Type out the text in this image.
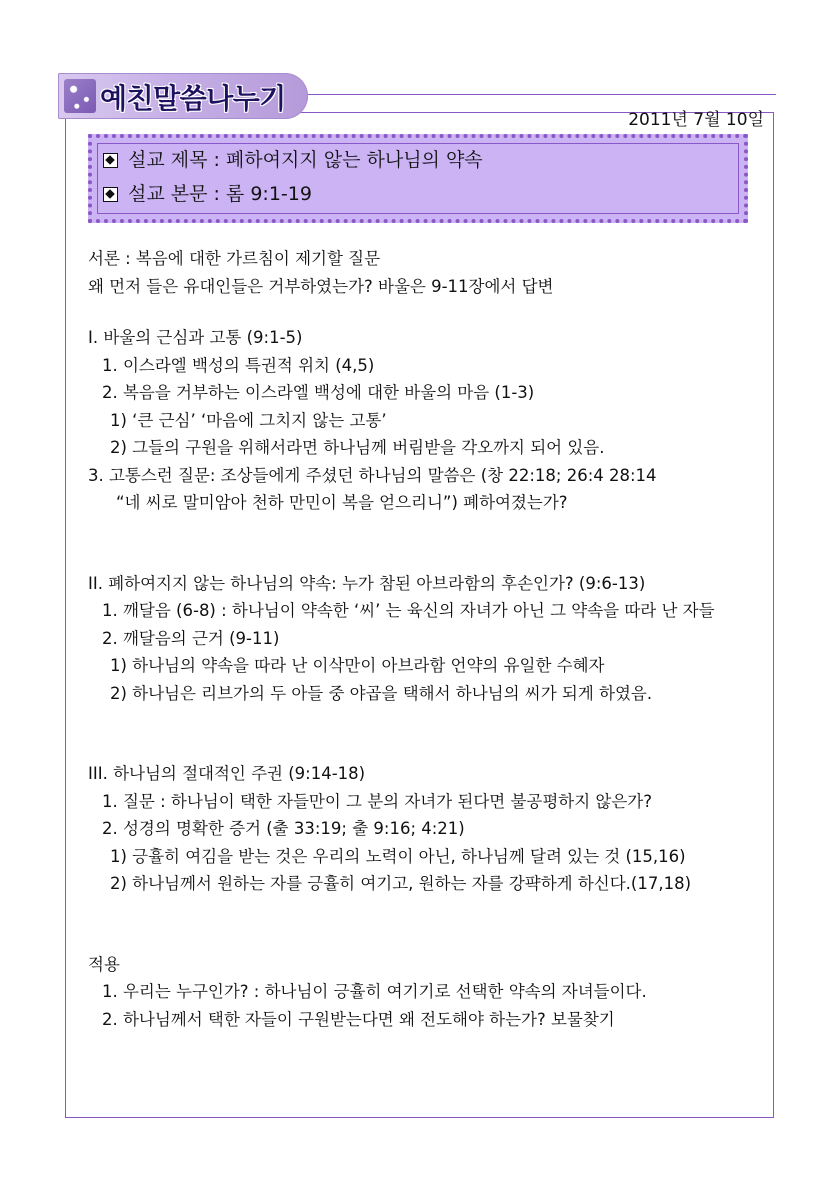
예친말씀나누기
2011년 7월 10일
설교 제목 : 폐하여지지 않는 하나님의 약속
설교 본문 : 롬 9:1-19
서론 : 복음에 대한 가르침이 제기할 질문
왜 먼저 들은 유대인들은 거부하였는가? 바울은 9-11장에서 답변
I. 바울의 근심과 고통 (9:1-5)
1. 이스라엘 백성의 특권적 위치 (4,5)
2. 복음을 거부하는 이스라엘 백성에 대한 바울의 마음 (1-3)
1) ‘큰 근심’ ‘마음에 그치지 않는 고통’
2) 그들의 구원을 위해서라면 하나님께 버림받을 각오까지 되어 있음.
3. 고통스런 질문: 조상들에게 주셨던 하나님의 말씀은 (창 22:18; 26:4 28:14
“네 씨로 말미암아 천하 만민이 복을 얻으리니”) 폐하여졌는가?
II. 폐하여지지 않는 하나님의 약속: 누가 참된 아브라함의 후손인가? (9:6-13)
1. 깨달음 (6-8) : 하나님이 약속한 ‘씨’ 는 육신의 자녀가 아닌 그 약속을 따라 난 자들
2. 깨달음의 근거 (9-11)
1) 하나님의 약속을 따라 난 이삭만이 아브라함 언약의 유일한 수혜자
2) 하나님은 리브가의 두 아들 중 야곱을 택해서 하나님의 씨가 되게 하였음.
III. 하나님의 절대적인 주권 (9:14-18)
1. 질문 : 하나님이 택한 자들만이 그 분의 자녀가 된다면 불공평하지 않은가?
2. 성경의 명확한 증거 (출 33:19; 출 9:16; 4:21)
1) 긍휼히 여김을 받는 것은 우리의 노력이 아닌, 하나님께 달려 있는 것 (15,16)
2) 하나님께서 원하는 자를 긍휼히 여기고, 원하는 자를 강퍅하게 하신다.(17,18)
적용
1. 우리는 누구인가? : 하나님이 긍휼히 여기기로 선택한 약속의 자녀들이다.
2. 하나님께서 택한 자들이 구원받는다면 왜 전도해야 하는가? 보물찾기
